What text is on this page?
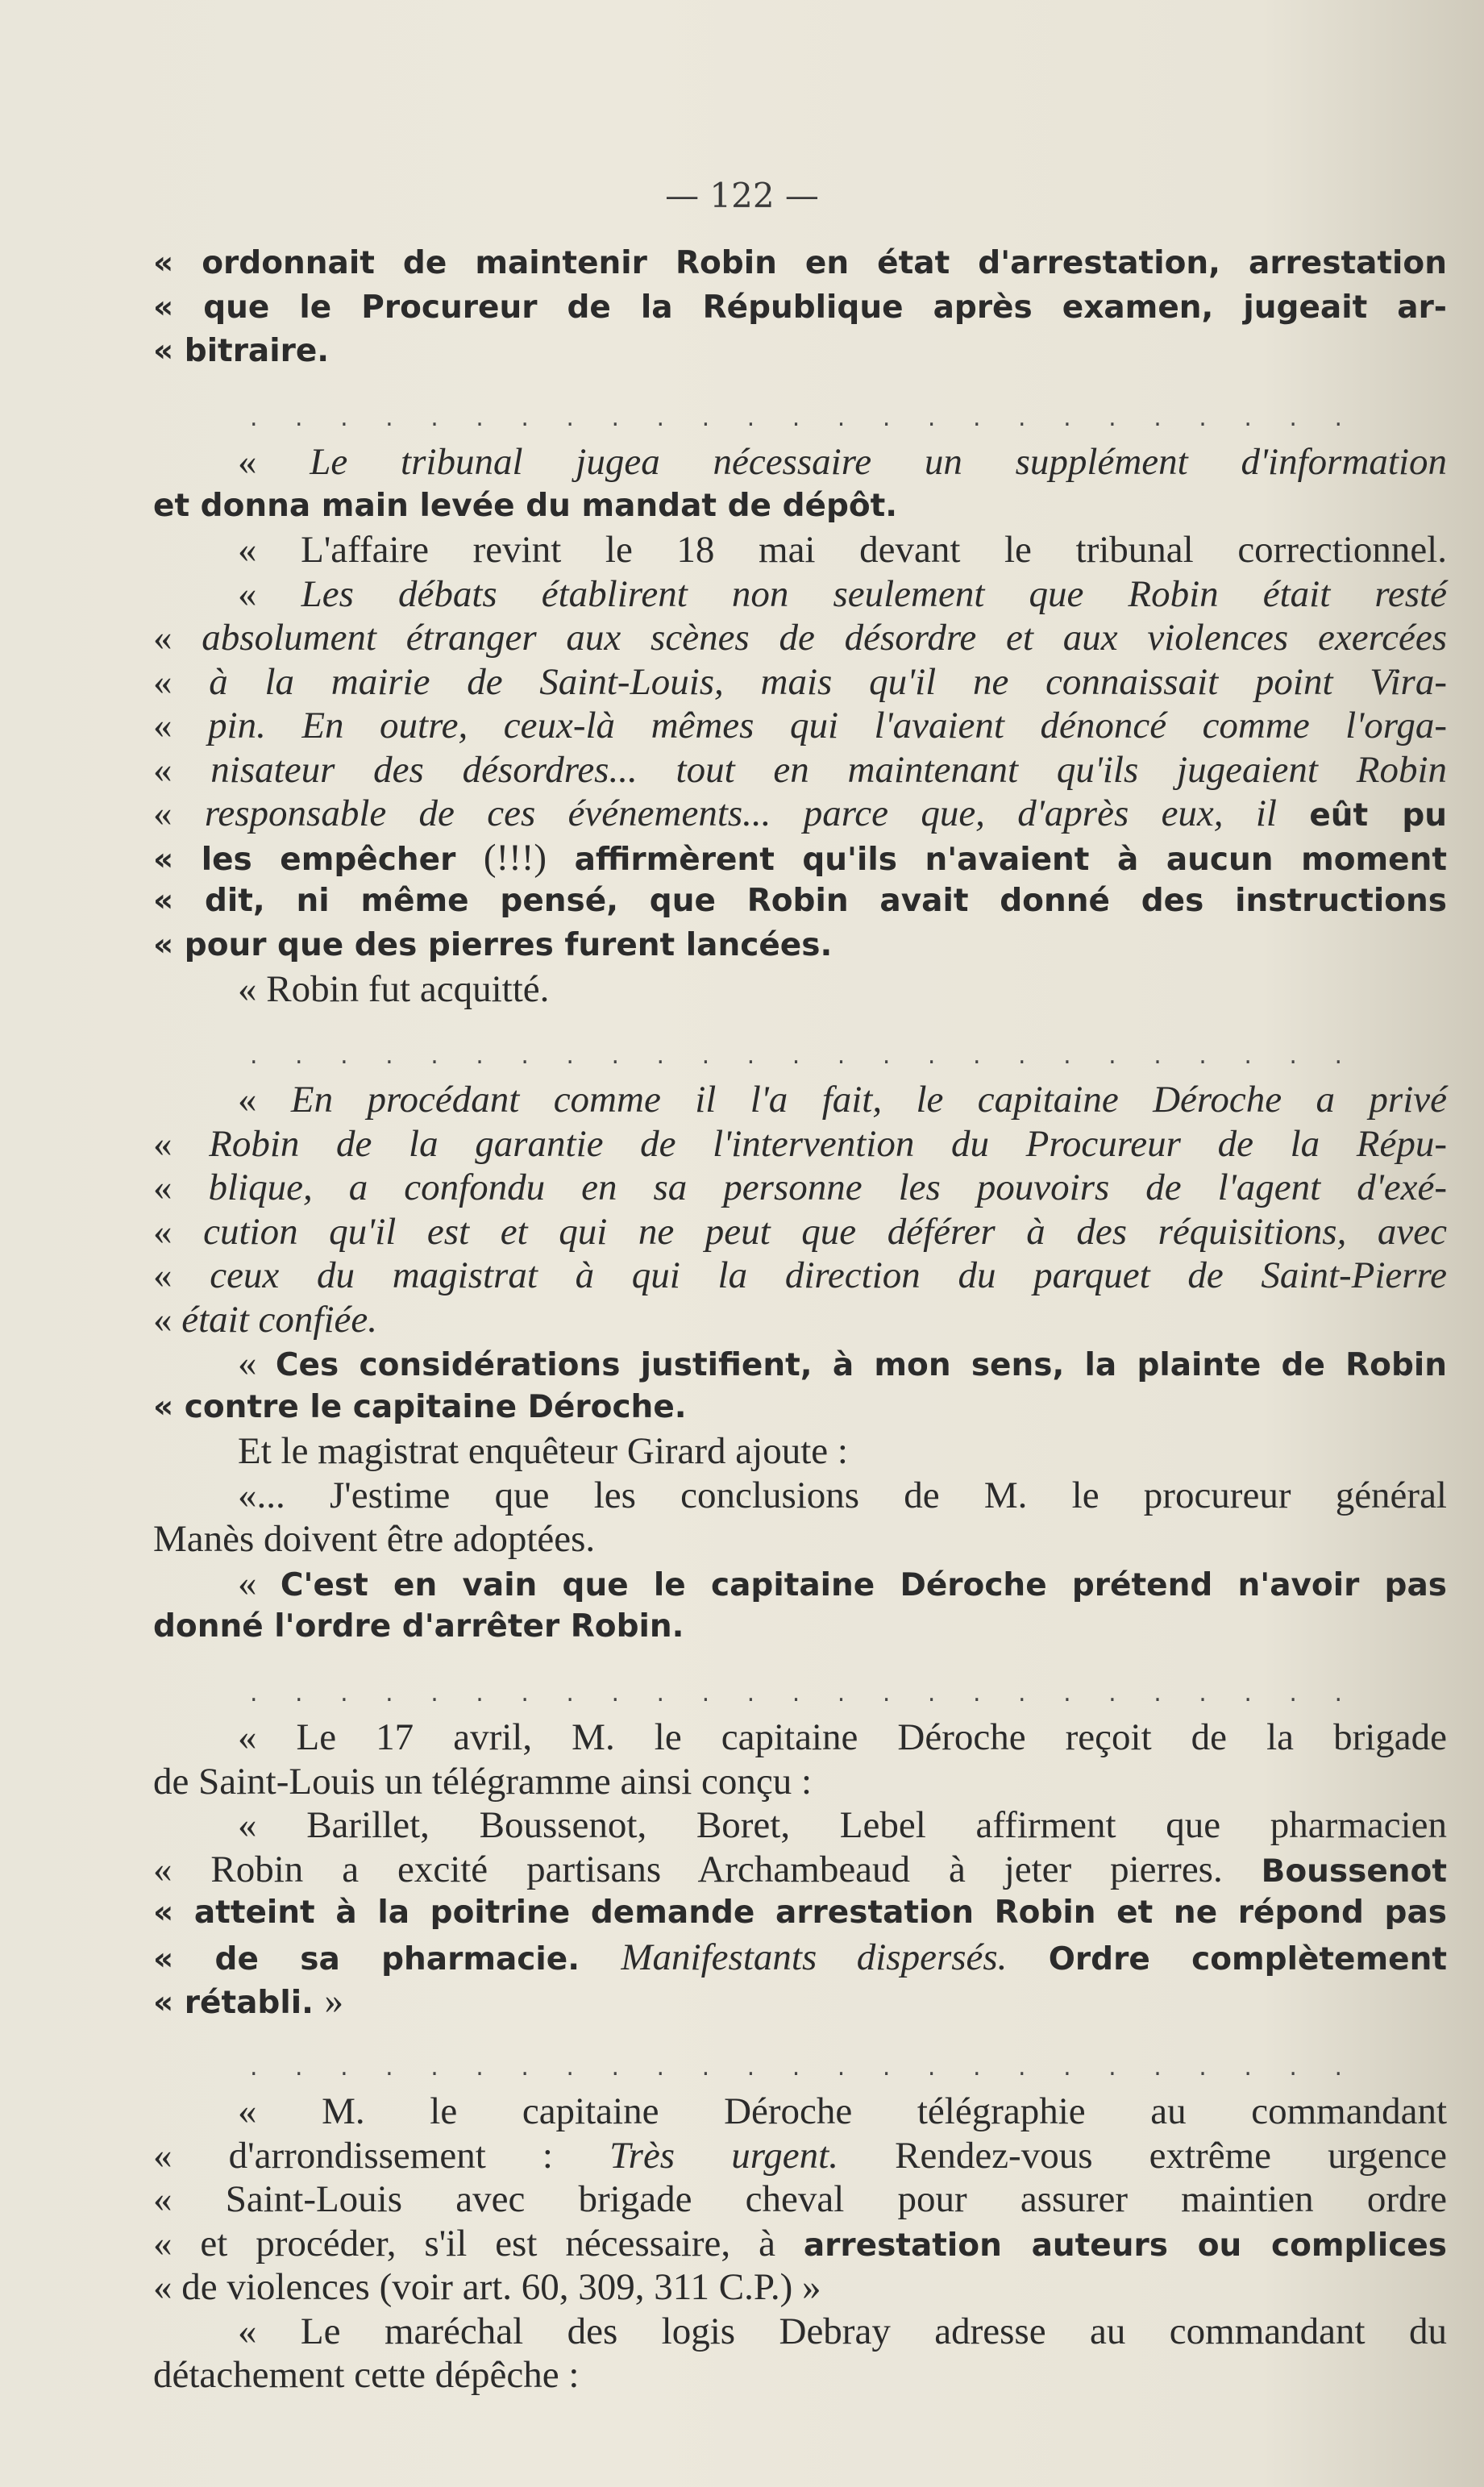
— 122 —
« ordonnait de maintenir Robin en état d'arrestation, arrestation
« que le Procureur de la République après examen, jugeait ar-
« bitraire.
. . . . . . . . . . . . . . . . . . . . . . . . .
« Le tribunal jugea nécessaire un supplément d'information
et donna main levée du mandat de dépôt.
« L'affaire revint le 18 mai devant le tribunal correctionnel.
« Les débats établirent non seulement que Robin était resté
« absolument étranger aux scènes de désordre et aux violences exercées
« à la mairie de Saint-Louis, mais qu'il ne connaissait point Vira-
« pin. En outre, ceux-là mêmes qui l'avaient dénoncé comme l'orga-
« nisateur des désordres... tout en maintenant qu'ils jugeaient Robin
« responsable de ces événements... parce que, d'après eux, il eût pu
« les empêcher (!!!) affirmèrent qu'ils n'avaient à aucun moment
« dit, ni même pensé, que Robin avait donné des instructions
« pour que des pierres furent lancées.
« Robin fut acquitté.
. . . . . . . . . . . . . . . . . . . . . . . . .
« En procédant comme il l'a fait, le capitaine Déroche a privé
« Robin de la garantie de l'intervention du Procureur de la Répu-
« blique, a confondu en sa personne les pouvoirs de l'agent d'exé-
« cution qu'il est et qui ne peut que déférer à des réquisitions, avec
« ceux du magistrat à qui la direction du parquet de Saint-Pierre
« était confiée.
« Ces considérations justifient, à mon sens, la plainte de Robin
« contre le capitaine Déroche.
Et le magistrat enquêteur Girard ajoute :
«... J'estime que les conclusions de M. le procureur général
Manès doivent être adoptées.
« C'est en vain que le capitaine Déroche prétend n'avoir pas
donné l'ordre d'arrêter Robin.
. . . . . . . . . . . . . . . . . . . . . . . . .
« Le 17 avril, M. le capitaine Déroche reçoit de la brigade
de Saint-Louis un télégramme ainsi conçu :
« Barillet, Boussenot, Boret, Lebel affirment que pharmacien
« Robin a excité partisans Archambeaud à jeter pierres. Boussenot
« atteint à la poitrine demande arrestation Robin et ne répond pas
« de sa pharmacie. Manifestants dispersés. Ordre complètement
« rétabli. »
. . . . . . . . . . . . . . . . . . . . . . . . .
« M. le capitaine Déroche télégraphie au commandant
« d'arrondissement : Très urgent. Rendez-vous extrême urgence
« Saint-Louis avec brigade cheval pour assurer maintien ordre
« et procéder, s'il est nécessaire, à arrestation auteurs ou complices
« de violences (voir art. 60, 309, 311 C.P.) »
« Le maréchal des logis Debray adresse au commandant du
détachement cette dépêche :
